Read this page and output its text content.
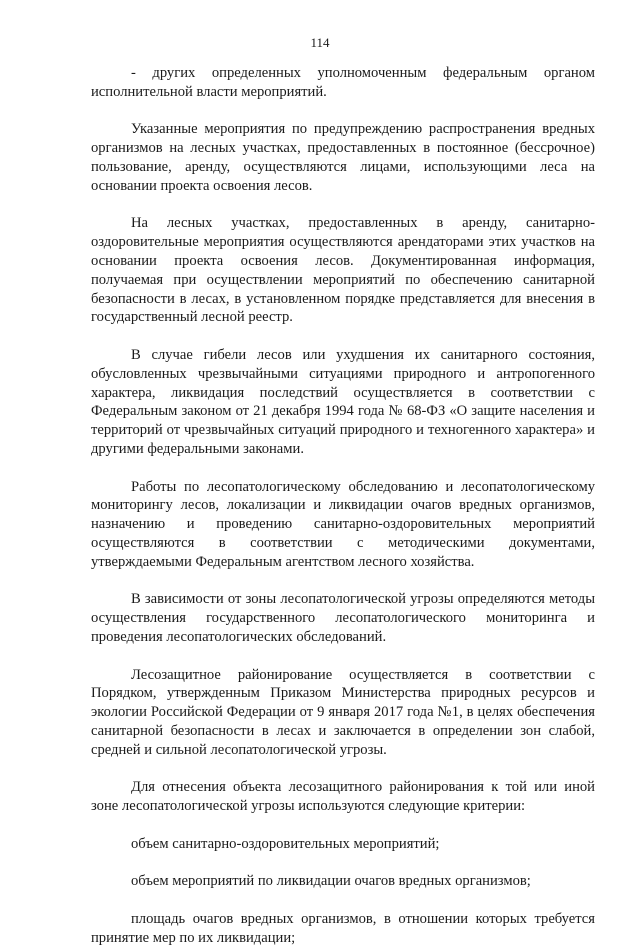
114

- других определенных уполномоченным федеральным органом исполнительной власти мероприятий.

Указанные мероприятия по предупреждению распространения вредных организмов на лесных участках, предоставленных в постоянное (бессрочное) пользование, аренду, осуществляются лицами, использующими леса на основании проекта освоения лесов.

На лесных участках, предоставленных в аренду, санитарно-оздоровительные мероприятия осуществляются арендаторами этих участков на основании проекта освоения лесов. Документированная информация, получаемая при осуществлении мероприятий по обеспечению санитарной безопасности в лесах, в установленном порядке представляется для внесения в государственный лесной реестр.

В случае гибели лесов или ухудшения их санитарного состояния, обусловленных чрезвычайными ситуациями природного и антропогенного характера, ликвидация последствий осуществляется в соответствии с Федеральным законом от 21 декабря 1994 года № 68-ФЗ «О защите населения и территорий от чрезвычайных ситуаций природного и техногенного характера» и другими федеральными законами.

Работы по лесопатологическому обследованию и лесопатологическому мониторингу лесов, локализации и ликвидации очагов вредных организмов, назначению и проведению санитарно-оздоровительных мероприятий осуществляются в соответствии с методическими документами, утверждаемыми Федеральным агентством лесного хозяйства.

В зависимости от зоны лесопатологической угрозы определяются методы осуществления государственного лесопатологического мониторинга и проведения лесопатологических обследований.

Лесозащитное районирование осуществляется в соответствии с Порядком, утвержденным Приказом Министерства природных ресурсов и экологии Российской Федерации от 9 января 2017 года №1, в целях обеспечения санитарной безопасности в лесах и заключается в определении зон слабой, средней и сильной лесопатологической угрозы.

Для отнесения объекта лесозащитного районирования к той или иной зоне лесопатологической угрозы используются следующие критерии:

объем санитарно-оздоровительных мероприятий;

объем мероприятий по ликвидации очагов вредных организмов;

площадь очагов вредных организмов, в отношении которых требуется принятие мер по их ликвидации;
